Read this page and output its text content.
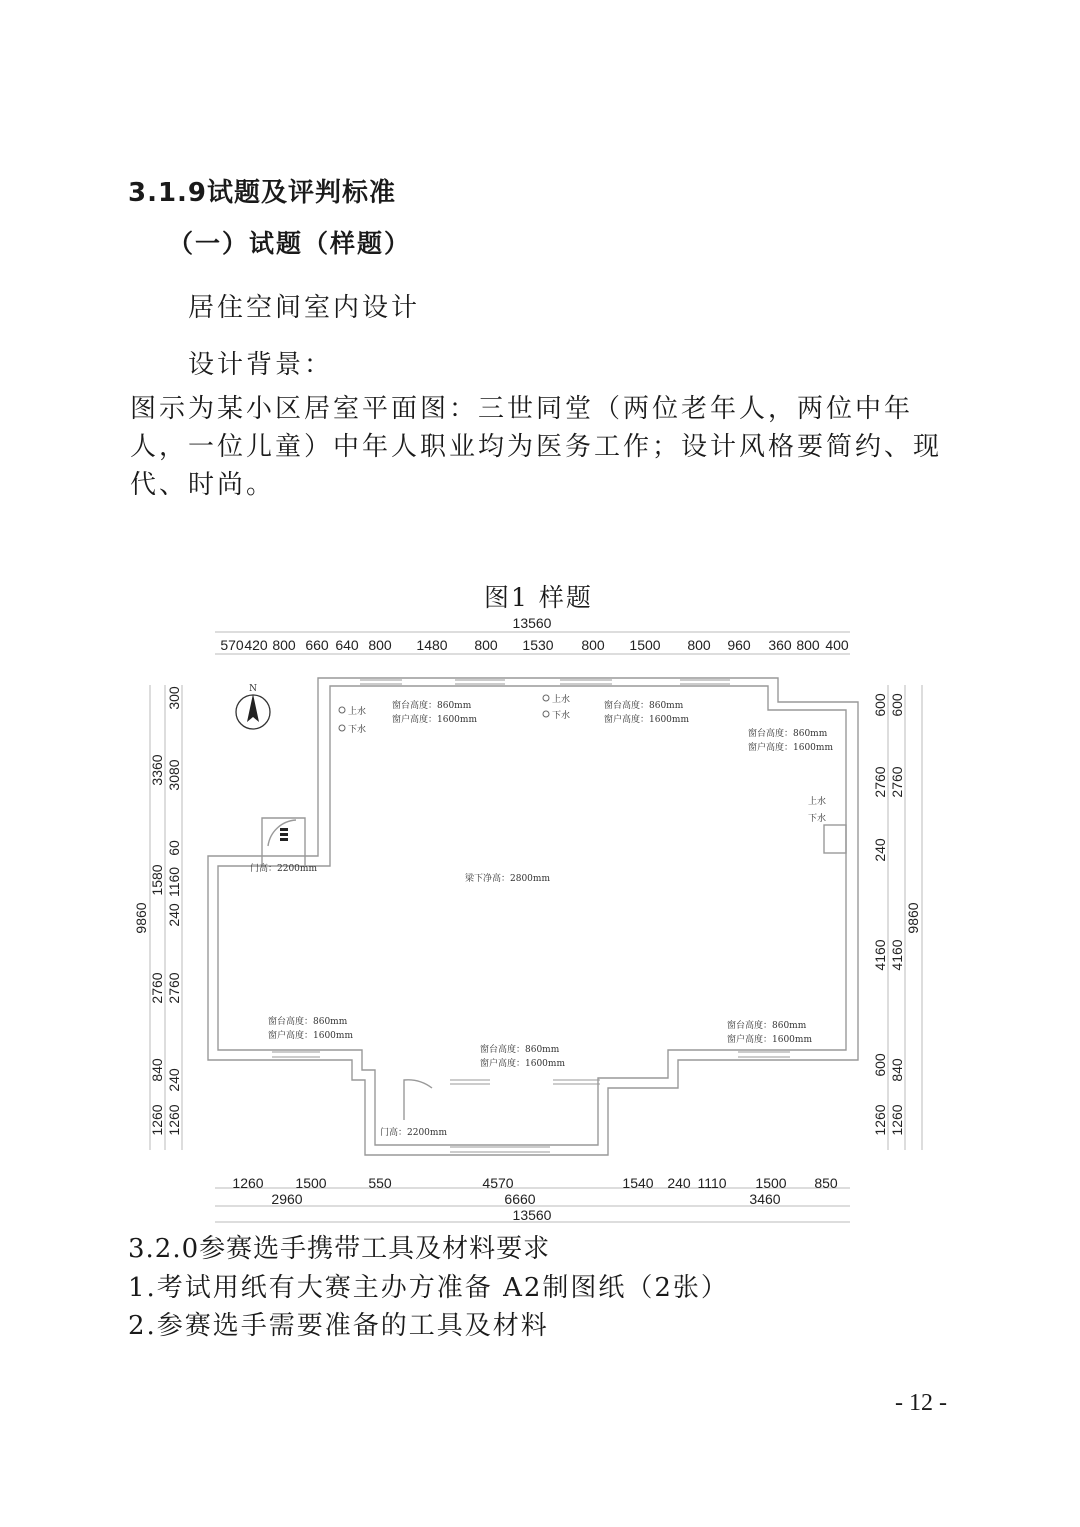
3.1.9试题及评判标准
（一）试题（样题）
居住空间室内设计
设计背景：
图示为某小区居室平面图：三世同堂（两位老年人，两位中年 人，一位儿童）中年人职业均为医务工作；设计风格要简约、现代、时尚。
图1 样题
13560
570 420 800 660 640 800 1480 800 1530 800 1500 800 960 360 800 400
9860
3360
1580
2760
840
1260
300
3080
60
1160
240
2760
240
1260
9860
600
2760
240
4160
600
1260
600
2760
4160
840
1260
N
上水
下水
窗台高度：860mm
窗户高度：1600mm
上水
下水
窗台高度：860mm
窗户高度：1600mm
窗台高度：860mm
窗户高度：1600mm
上水
下水
门高：2200mm
梁下净高：2800mm
窗台高度：860mm
窗户高度：1600mm
窗台高度：860mm
窗户高度：1600mm
窗台高度：860mm
窗户高度：1600mm
门高：2200mm
1260 1500	550	4570	1540 240 1110 1500 850
2960	6660	3460
13560
3.2.0参赛选手携带工具及材料要求
1.考试用纸有大赛主办方准备 A2制图纸（2张）
2.参赛选手需要准备的工具及材料
- 12 -
